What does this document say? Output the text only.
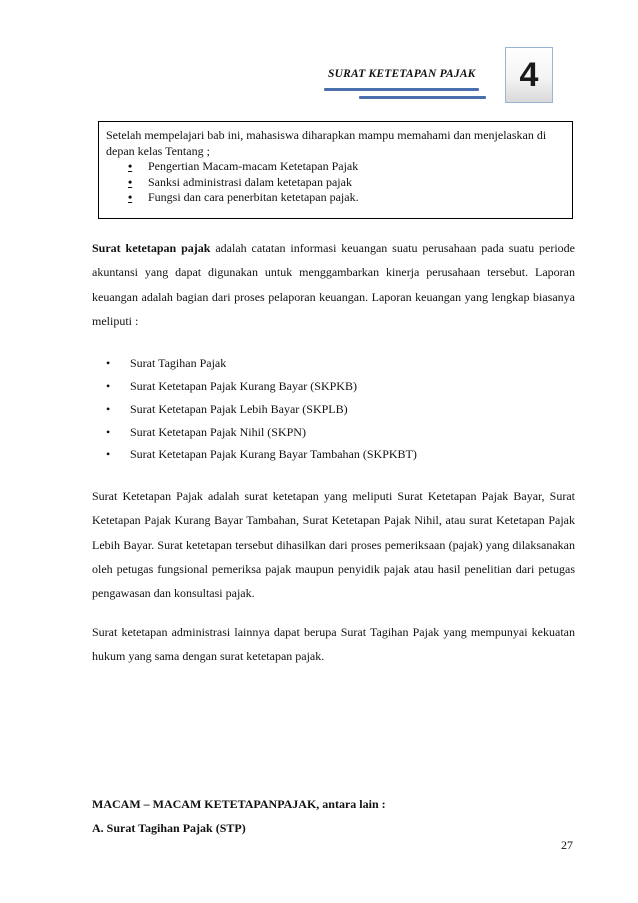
SURAT KETETAPAN PAJAK 4
Setelah mempelajari bab ini, mahasiswa diharapkan mampu memahami dan menjelaskan di depan kelas Tentang ;
• Pengertian Macam-macam Ketetapan Pajak
• Sanksi administrasi dalam ketetapan pajak
• Fungsi dan cara penerbitan ketetapan pajak.

Surat ketetapan pajak adalah catatan informasi keuangan suatu perusahaan pada suatu periode akuntansi yang dapat digunakan untuk menggambarkan kinerja perusahaan tersebut. Laporan keuangan adalah bagian dari proses pelaporan keuangan. Laporan keuangan yang lengkap biasanya meliputi :

• Surat Tagihan Pajak
• Surat Ketetapan Pajak Kurang Bayar (SKPKB)
• Surat Ketetapan Pajak Lebih Bayar (SKPLB)
• Surat Ketetapan Pajak Nihil (SKPN)
• Surat Ketetapan Pajak Kurang Bayar Tambahan (SKPKBT)

Surat Ketetapan Pajak adalah surat ketetapan yang meliputi Surat Ketetapan Pajak Bayar, Surat Ketetapan Pajak Kurang Bayar Tambahan, Surat Ketetapan Pajak Nihil, atau surat Ketetapan Pajak Lebih Bayar. Surat ketetapan tersebut dihasilkan dari proses pemeriksaan (pajak) yang dilaksanakan oleh petugas fungsional pemeriksa pajak maupun penyidik pajak atau hasil penelitian dari petugas pengawasan dan konsultasi pajak.

Surat ketetapan administrasi lainnya dapat berupa Surat Tagihan Pajak yang mempunyai kekuatan hukum yang sama dengan surat ketetapan pajak.

MACAM – MACAM KETETAPANPAJAK, antara lain :
A. Surat Tagihan Pajak (STP)
27
